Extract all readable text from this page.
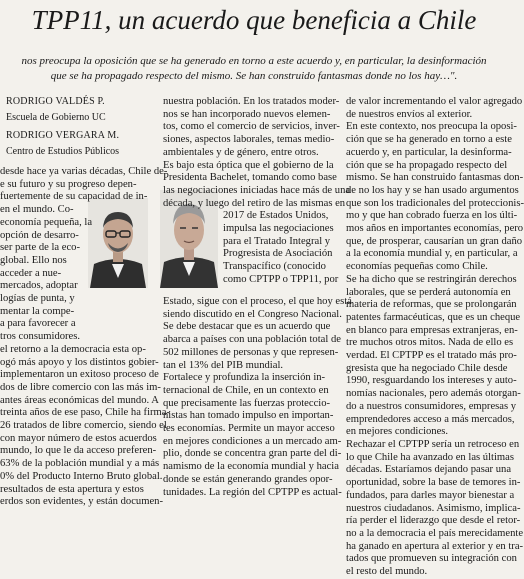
TPP11, un acuerdo que beneficia a Chile
nos preocupa la oposición que se ha generado en torno a este acuerdo y, en particular, la desinformación
que se ha propagado respecto del mismo. Se han construido fantasmas donde no los hay…".
RODRIGO VALDÉS P.
Escuela de Gobierno UC
RODRIGO VERGARA M.
Centro de Estudios Públicos

desde hace ya varias décadas, Chile de-

e su futuro y su progreso depen-

fuertemente de su capacidad de in-

en el mundo. Co-

economía pequeña, la

opción de desarro-

ser parte de la eco-

global. Ello nos

acceder a nue-

mercados, adoptar

logías de punta, y

mentar la compe-

a para favorecer a

tros consumidores.

el retorno a la democracia esta op-

ogó más apoyo y los distintos gobier-

implementaron un exitoso proceso de

dos de libre comercio con las más im-

antes áreas económicas del mundo. A

treinta años de ese paso, Chile ha firma-

26 tratados de libre comercio, siendo el

con mayor número de estos acuerdos

mundo, lo que le da acceso preferen-

63% de la población mundial y a más

0% del Producto Interno Bruto global.

resultados de esta apertura y estos

erdos son evidentes, y están documen-

nuestra población. En los tratados moder-

nos se han incorporado nuevos elemen-

tos, como el comercio de servicios, inver-

siones, aspectos laborales, temas medio-

ambientales y de género, entre otros.

Es bajo esta óptica que el gobierno de la

Presidenta Bachelet, tomando como base

las negociaciones iniciadas hace más de una

década, y luego del retiro de las mismas en

2017 de Estados Unidos,

impulsa las negociaciones

para el Tratado Integral y

Progresista de Asociación

Transpacífico (conocido

como CPTPP o TPP11, por

Estado, sigue con el proceso, el que hoy está

siendo discutido en el Congreso Nacional.

Se debe destacar que es un acuerdo que

abarca a países con una población total de

502 millones de personas y que represen-

tan el 13% del PIB mundial.

Fortalece y profundiza la inserción in-

ternacional de Chile, en un contexto en

que precisamente las fuerzas proteccio-

nistas han tomado impulso en importan-

tes economías. Permite un mayor acceso

en mejores condiciones a un mercado am-

plio, donde se concentra gran parte del di-

namismo de la economía mundial y hacia

donde se están generando grandes opor-

tunidades. La región del CPTPP es actual-

de valor incrementando el valor agregado

de nuestros envíos al exterior.

En este contexto, nos preocupa la oposi-

ción que se ha generado en torno a este

acuerdo y, en particular, la desinforma-

ción que se ha propagado respecto del

mismo. Se han construido fantasmas don-

de no los hay y se han usado argumentos

que son los tradicionales del proteccionis-

mo y que han cobrado fuerza en los últi-

mos años en importantes economías, pero

que, de prosperar, causarían un gran daño

a la economía mundial y, en particular, a

economías pequeñas como Chile.

Se ha dicho que se restringirán derechos

laborales, que se perderá autonomía en

materia de reformas, que se prolongarán

patentes farmacéuticas, que es un cheque

en blanco para empresas extranjeras, en-

tre muchos otros mitos. Nada de ello es

verdad. El CPTPP es el tratado más pro-

gresista que ha negociado Chile desde

1990, resguardando los intereses y auto-

nomías nacionales, pero además otorgan-

do a nuestros consumidores, empresas y

emprendedores acceso a más mercados,

en mejores condiciones.

Rechazar el CPTPP sería un retroceso en

lo que Chile ha avanzado en las últimas

décadas. Estaríamos dejando pasar una

oportunidad, sobre la base de temores in-

fundados, para darles mayor bienestar a

nuestros ciudadanos. Asimismo, implica-

ría perder el liderazgo que desde el retor-

no a la democracia el país merecidamente

ha ganado en apertura al exterior y en tra-

tados que promueven su integración con

el resto del mundo.
